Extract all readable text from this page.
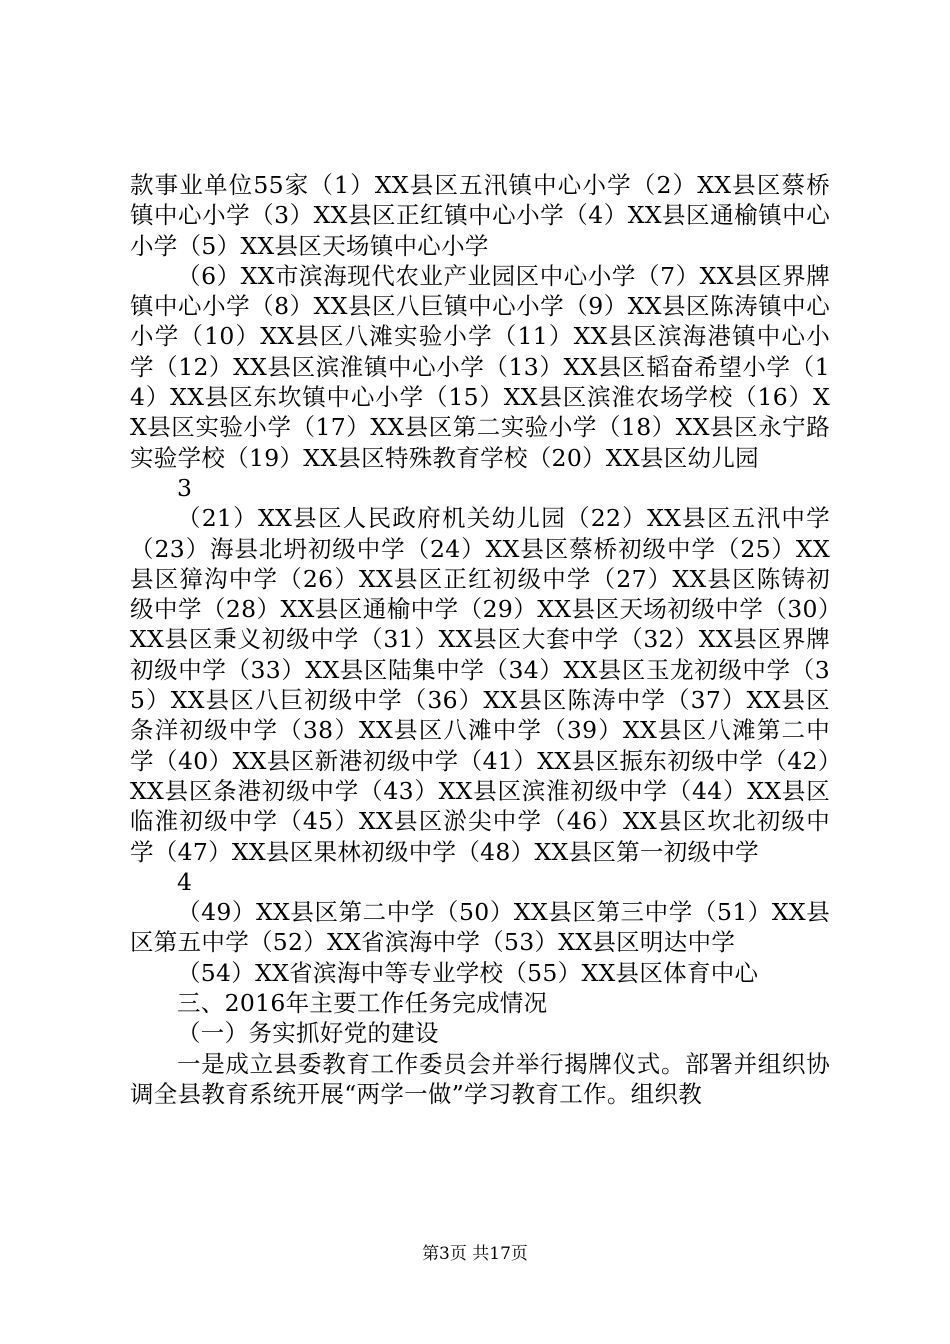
款事业单位55家（1）XX县区五汛镇中心小学（2）XX县区蔡桥镇中心小学（3）XX县区正红镇中心小学（4）XX县区通榆镇中心小学（5）XX县区天场镇中心小学

（6）XX市滨海现代农业产业园区中心小学（7）XX县区界牌镇中心小学（8）XX县区八巨镇中心小学（9）XX县区陈涛镇中心小学（10）XX县区八滩实验小学（11）XX县区滨海港镇中心小学（12）XX县区滨淮镇中心小学（13）XX县区韬奋希望小学（14）XX县区东坎镇中心小学（15）XX县区滨淮农场学校（16）XX县区实验小学（17）XX县区第二实验小学（18）XX县区永宁路实验学校（19）XX县区特殊教育学校（20）XX县区幼儿园

3

（21）XX县区人民政府机关幼儿园（22）XX县区五汛中学（23）海县北坍初级中学（24）XX县区蔡桥初级中学（25）XX县区獐沟中学（26）XX县区正红初级中学（27）XX县区陈铸初级中学（28）XX县区通榆中学（29）XX县区天场初级中学（30）XX县区秉义初级中学（31）XX县区大套中学（32）XX县区界牌初级中学（33）XX县区陆集中学（34）XX县区玉龙初级中学（35）XX县区八巨初级中学（36）XX县区陈涛中学（37）XX县区条洋初级中学（38）XX县区八滩中学（39）XX县区八滩第二中学（40）XX县区新港初级中学（41）XX县区振东初级中学（42）XX县区条港初级中学（43）XX县区滨淮初级中学（44）XX县区临淮初级中学（45）XX县区淤尖中学（46）XX县区坎北初级中学（47）XX县区果林初级中学（48）XX县区第一初级中学

4

（49）XX县区第二中学（50）XX县区第三中学（51）XX县区第五中学（52）XX省滨海中学（53）XX县区明达中学

（54）XX省滨海中等专业学校（55）XX县区体育中心

三、2016年主要工作任务完成情况

（一）务实抓好党的建设

一是成立县委教育工作委员会并举行揭牌仪式。部署并组织协调全县教育系统开展“两学一做”学习教育工作。组织教

第3页 共17页
